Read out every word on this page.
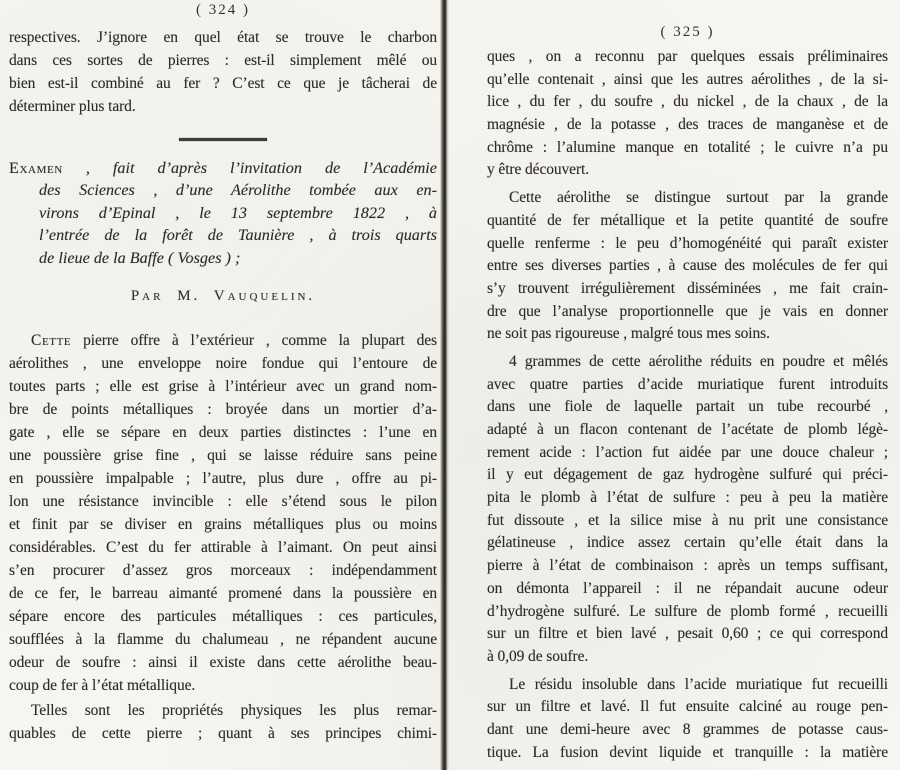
( 324 )
respectives. J’ignore en quel état se trouve le charbon
dans ces sortes de pierres : est-il simplement mêlé ou
bien est-il combiné au fer ? C’est ce que je tâcherai de
déterminer plus tard.
Examen , fait d’après l’invitation de l’Académie
des Sciences , d’une Aérolithe tombée aux en-
virons d’Epinal , le 13 septembre 1822 , à
l’entrée de la forêt de Taunière , à trois quarts
de lieue de la Baffe ( Vosges ) ;
Par M. Vauquelin.
Cette pierre offre à l’extérieur , comme la plupart des
aérolithes , une enveloppe noire fondue qui l’entoure de
toutes parts ; elle est grise à l’intérieur avec un grand nom-
bre de points métalliques : broyée dans un mortier d’a-
gate , elle se sépare en deux parties distinctes : l’une en
une poussière grise fine , qui se laisse réduire sans peine
en poussière impalpable ; l’autre, plus dure , offre au pi-
lon une résistance invincible : elle s’étend sous le pilon
et finit par se diviser en grains métalliques plus ou moins
considérables. C’est du fer attirable à l’aimant. On peut ainsi
s’en procurer d’assez gros morceaux : indépendamment
de ce fer, le barreau aimanté promené dans la poussière en
sépare encore des particules métalliques : ces particules,
soufflées à la flamme du chalumeau , ne répandent aucune
odeur de soufre : ainsi il existe dans cette aérolithe beau-
coup de fer à l’état métallique.
Telles sont les propriétés physiques les plus remar-
quables de cette pierre ; quant à ses principes chimi-
( 325 )
ques , on a reconnu par quelques essais préliminaires
qu’elle contenait , ainsi que les autres aérolithes , de la si-
lice , du fer , du soufre , du nickel , de la chaux , de la
magnésie , de la potasse , des traces de manganèse et de
chrôme : l’alumine manque en totalité ; le cuivre n’a pu
y être découvert.
Cette aérolithe se distingue surtout par la grande
quantité de fer métallique et la petite quantité de soufre
quelle renferme : le peu d’homogénéité qui paraît exister
entre ses diverses parties , à cause des molécules de fer qui
s’y trouvent irrégulièrement disséminées , me fait crain-
dre que l’analyse proportionnelle que je vais en donner
ne soit pas rigoureuse , malgré tous mes soins.
4 grammes de cette aérolithe réduits en poudre et mêlés
avec quatre parties d’acide muriatique furent introduits
dans une fiole de laquelle partait un tube recourbé ,
adapté à un flacon contenant de l’acétate de plomb légè-
rement acide : l’action fut aidée par une douce chaleur ;
il y eut dégagement de gaz hydrogène sulfuré qui préci-
pita le plomb à l’état de sulfure : peu à peu la matière
fut dissoute , et la silice mise à nu prit une consistance
gélatineuse , indice assez certain qu’elle était dans la
pierre à l’état de combinaison : après un temps suffisant,
on démonta l’appareil : il ne répandait aucune odeur
d’hydrogène sulfuré. Le sulfure de plomb formé , recueilli
sur un filtre et bien lavé , pesait 0,60 ; ce qui correspond
à 0,09 de soufre.
Le résidu insoluble dans l’acide muriatique fut recueilli
sur un filtre et lavé. Il fut ensuite calciné au rouge pen-
dant une demi-heure avec 8 grammes de potasse caus-
tique. La fusion devint liquide et tranquille : la matière
